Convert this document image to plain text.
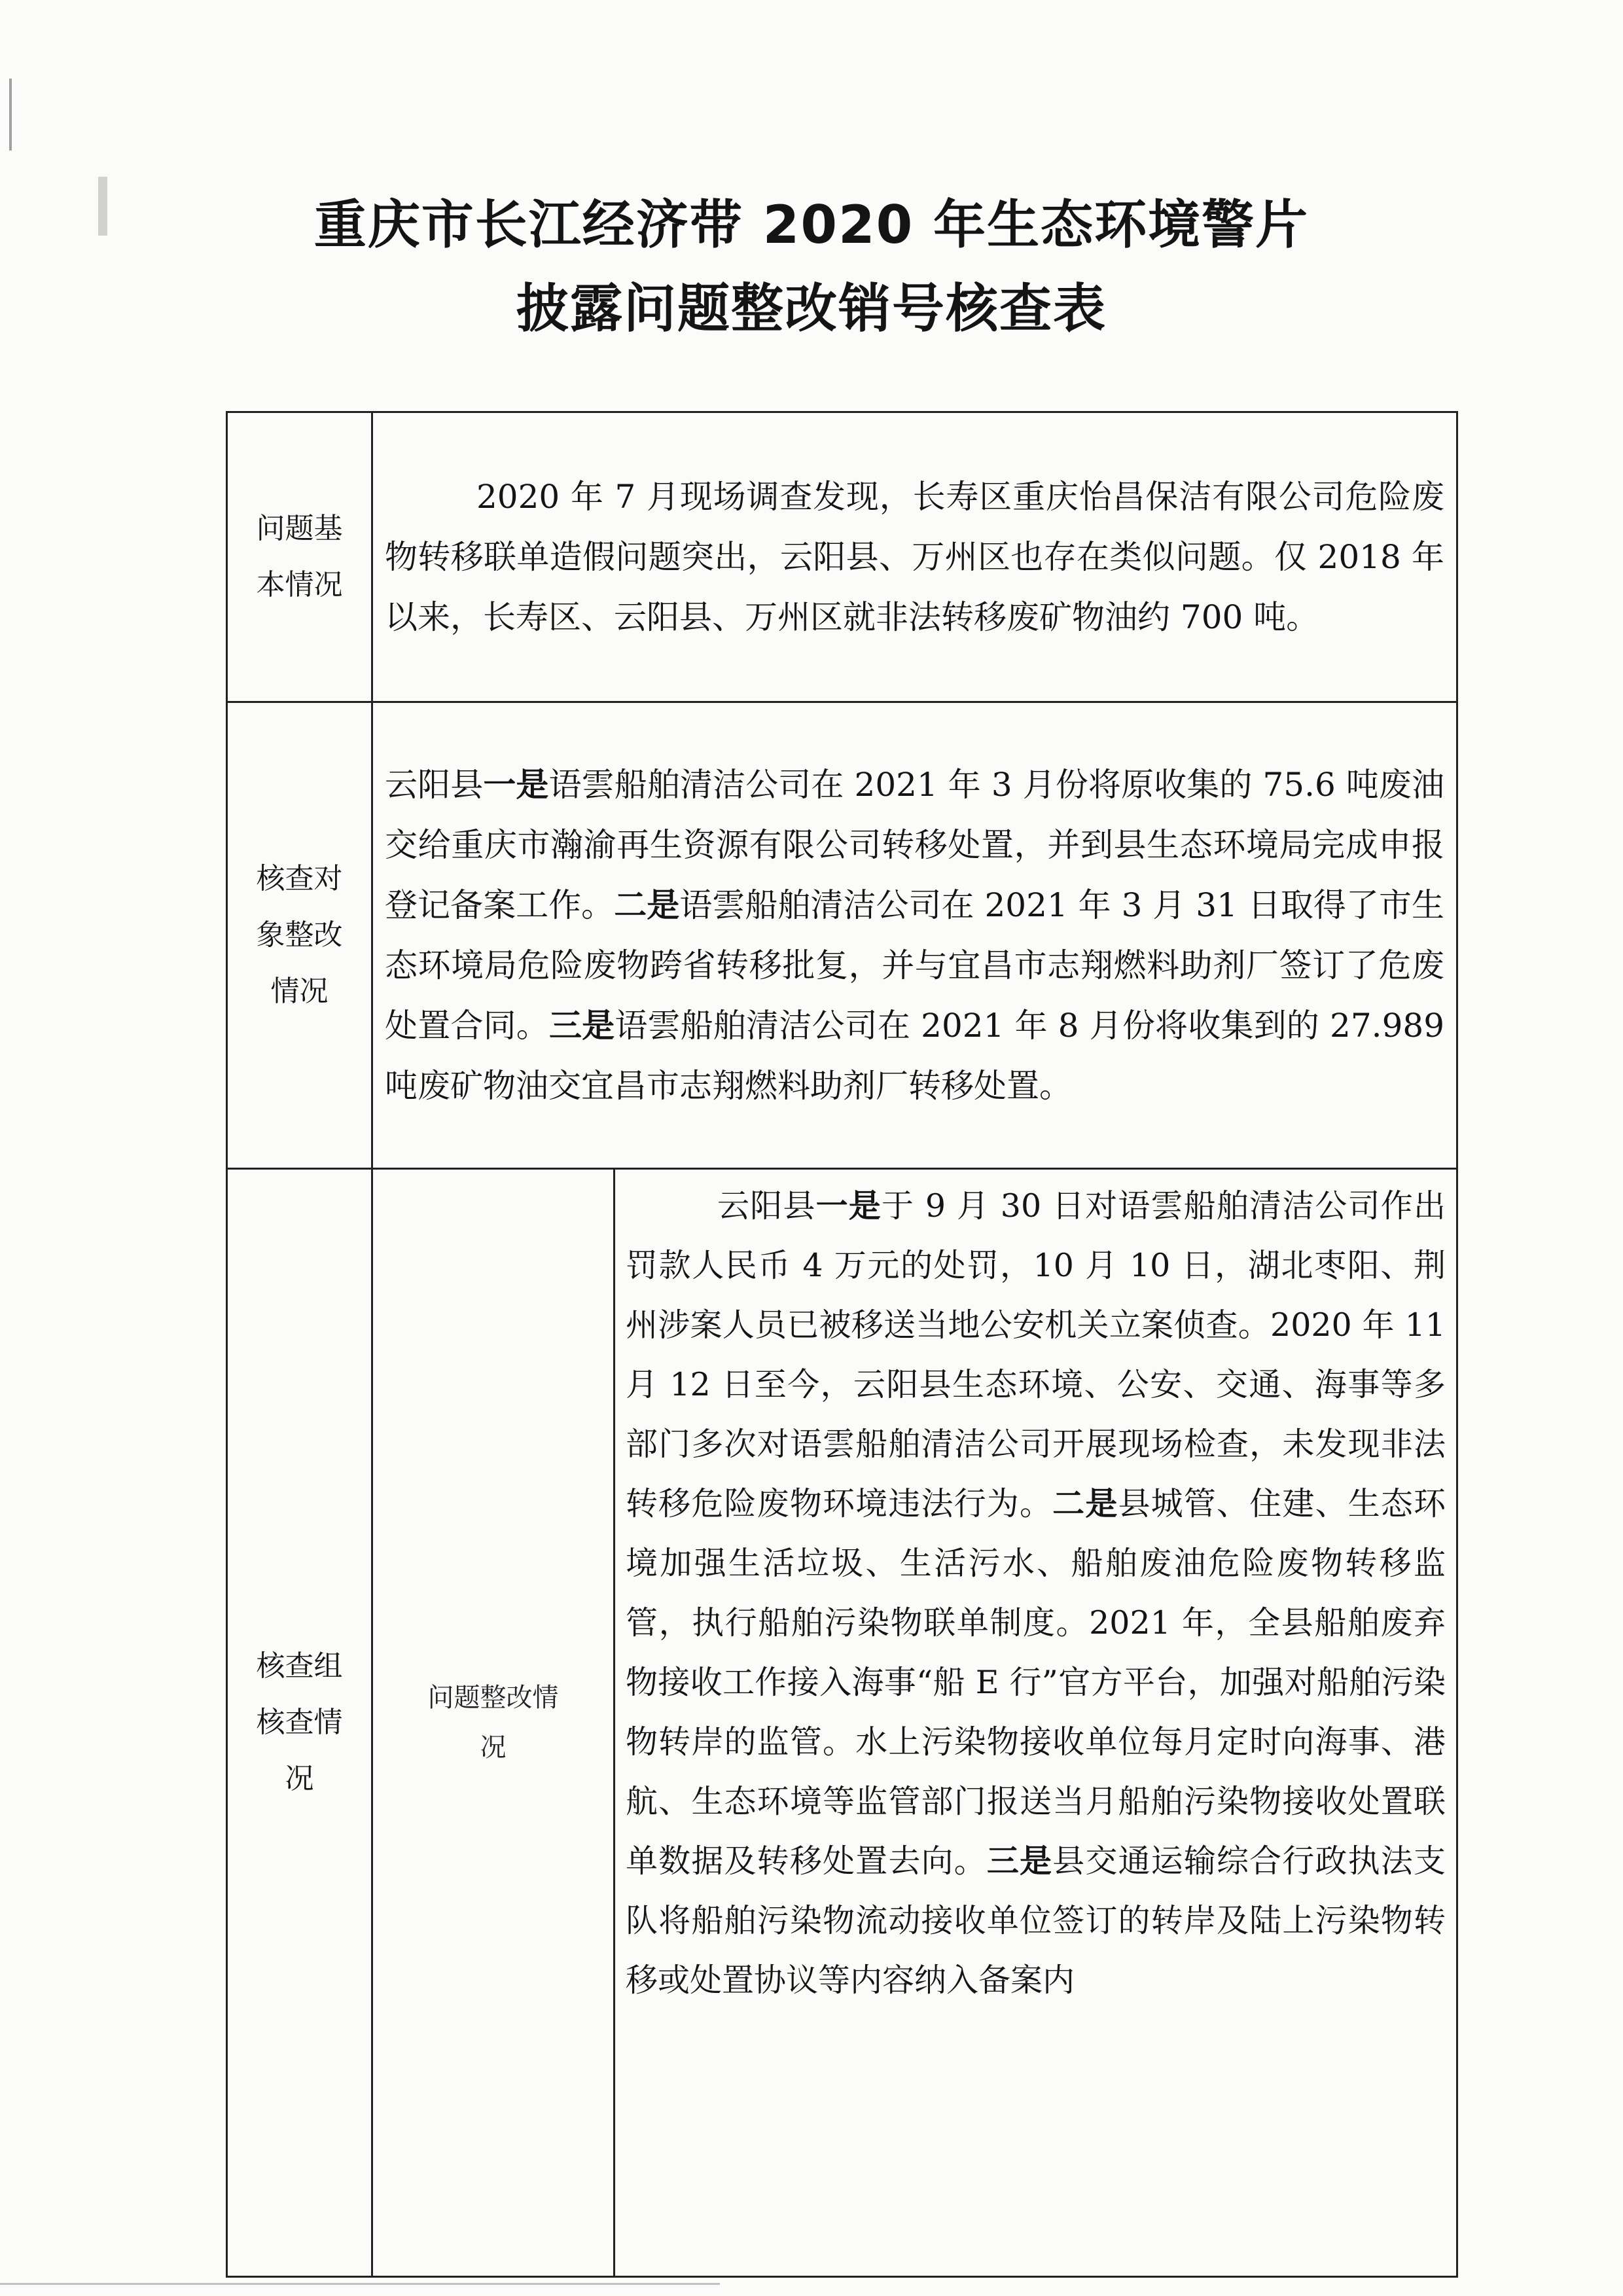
重庆市长江经济带 2020 年生态环境警片
披露问题整改销号核查表
问题基本情况	2020 年 7 月现场调查发现，长寿区重庆怡昌保洁有限公司危险废物转移联单造假问题突出，云阳县、万州区也存在类似问题。仅 2018 年以来，长寿区、云阳县、万州区就非法转移废矿物油约 700 吨。	

核查对象整改情况	云阳县一是语雲船舶清洁公司在 2021 年 3 月份将原收集的 75.6 吨废油交给重庆市瀚渝再生资源有限公司转移处置，并到县生态环境局完成申报登记备案工作。二是语雲船舶清洁公司在 2021 年 3 月 31 日取得了市生态环境局危险废物跨省转移批复，并与宜昌市志翔燃料助剂厂签订了危废处置合同。三是语雲船舶清洁公司在 2021 年 8 月份将收集到的 27.989 吨废矿物油交宜昌市志翔燃料助剂厂转移处置。	

核查组核查情况	问题整改情况	云阳县一是于 9 月 30 日对语雲船舶清洁公司作出罚款人民币 4 万元的处罚，10 月 10 日，湖北枣阳、荆州涉案人员已被移送当地公安机关立案侦查。2020 年 11 月 12 日至今，云阳县生态环境、公安、交通、海事等多部门多次对语雲船舶清洁公司开展现场检查，未发现非法转移危险废物环境违法行为。二是县城管、住建、生态环境加强生活垃圾、生活污水、船舶废油危险废物转移监管，执行船舶污染物联单制度。2021 年，全县船舶废弃物接收工作接入海事“船 E 行”官方平台，加强对船舶污染物转岸的监管。水上污染物接收单位每月定时向海事、港航、生态环境等监管部门报送当月船舶污染物接收处置联单数据及转移处置去向。三是县交通运输综合行政执法支队将船舶污染物流动接收单位签订的转岸及陆上污染物转移或处置协议等内容纳入备案内
